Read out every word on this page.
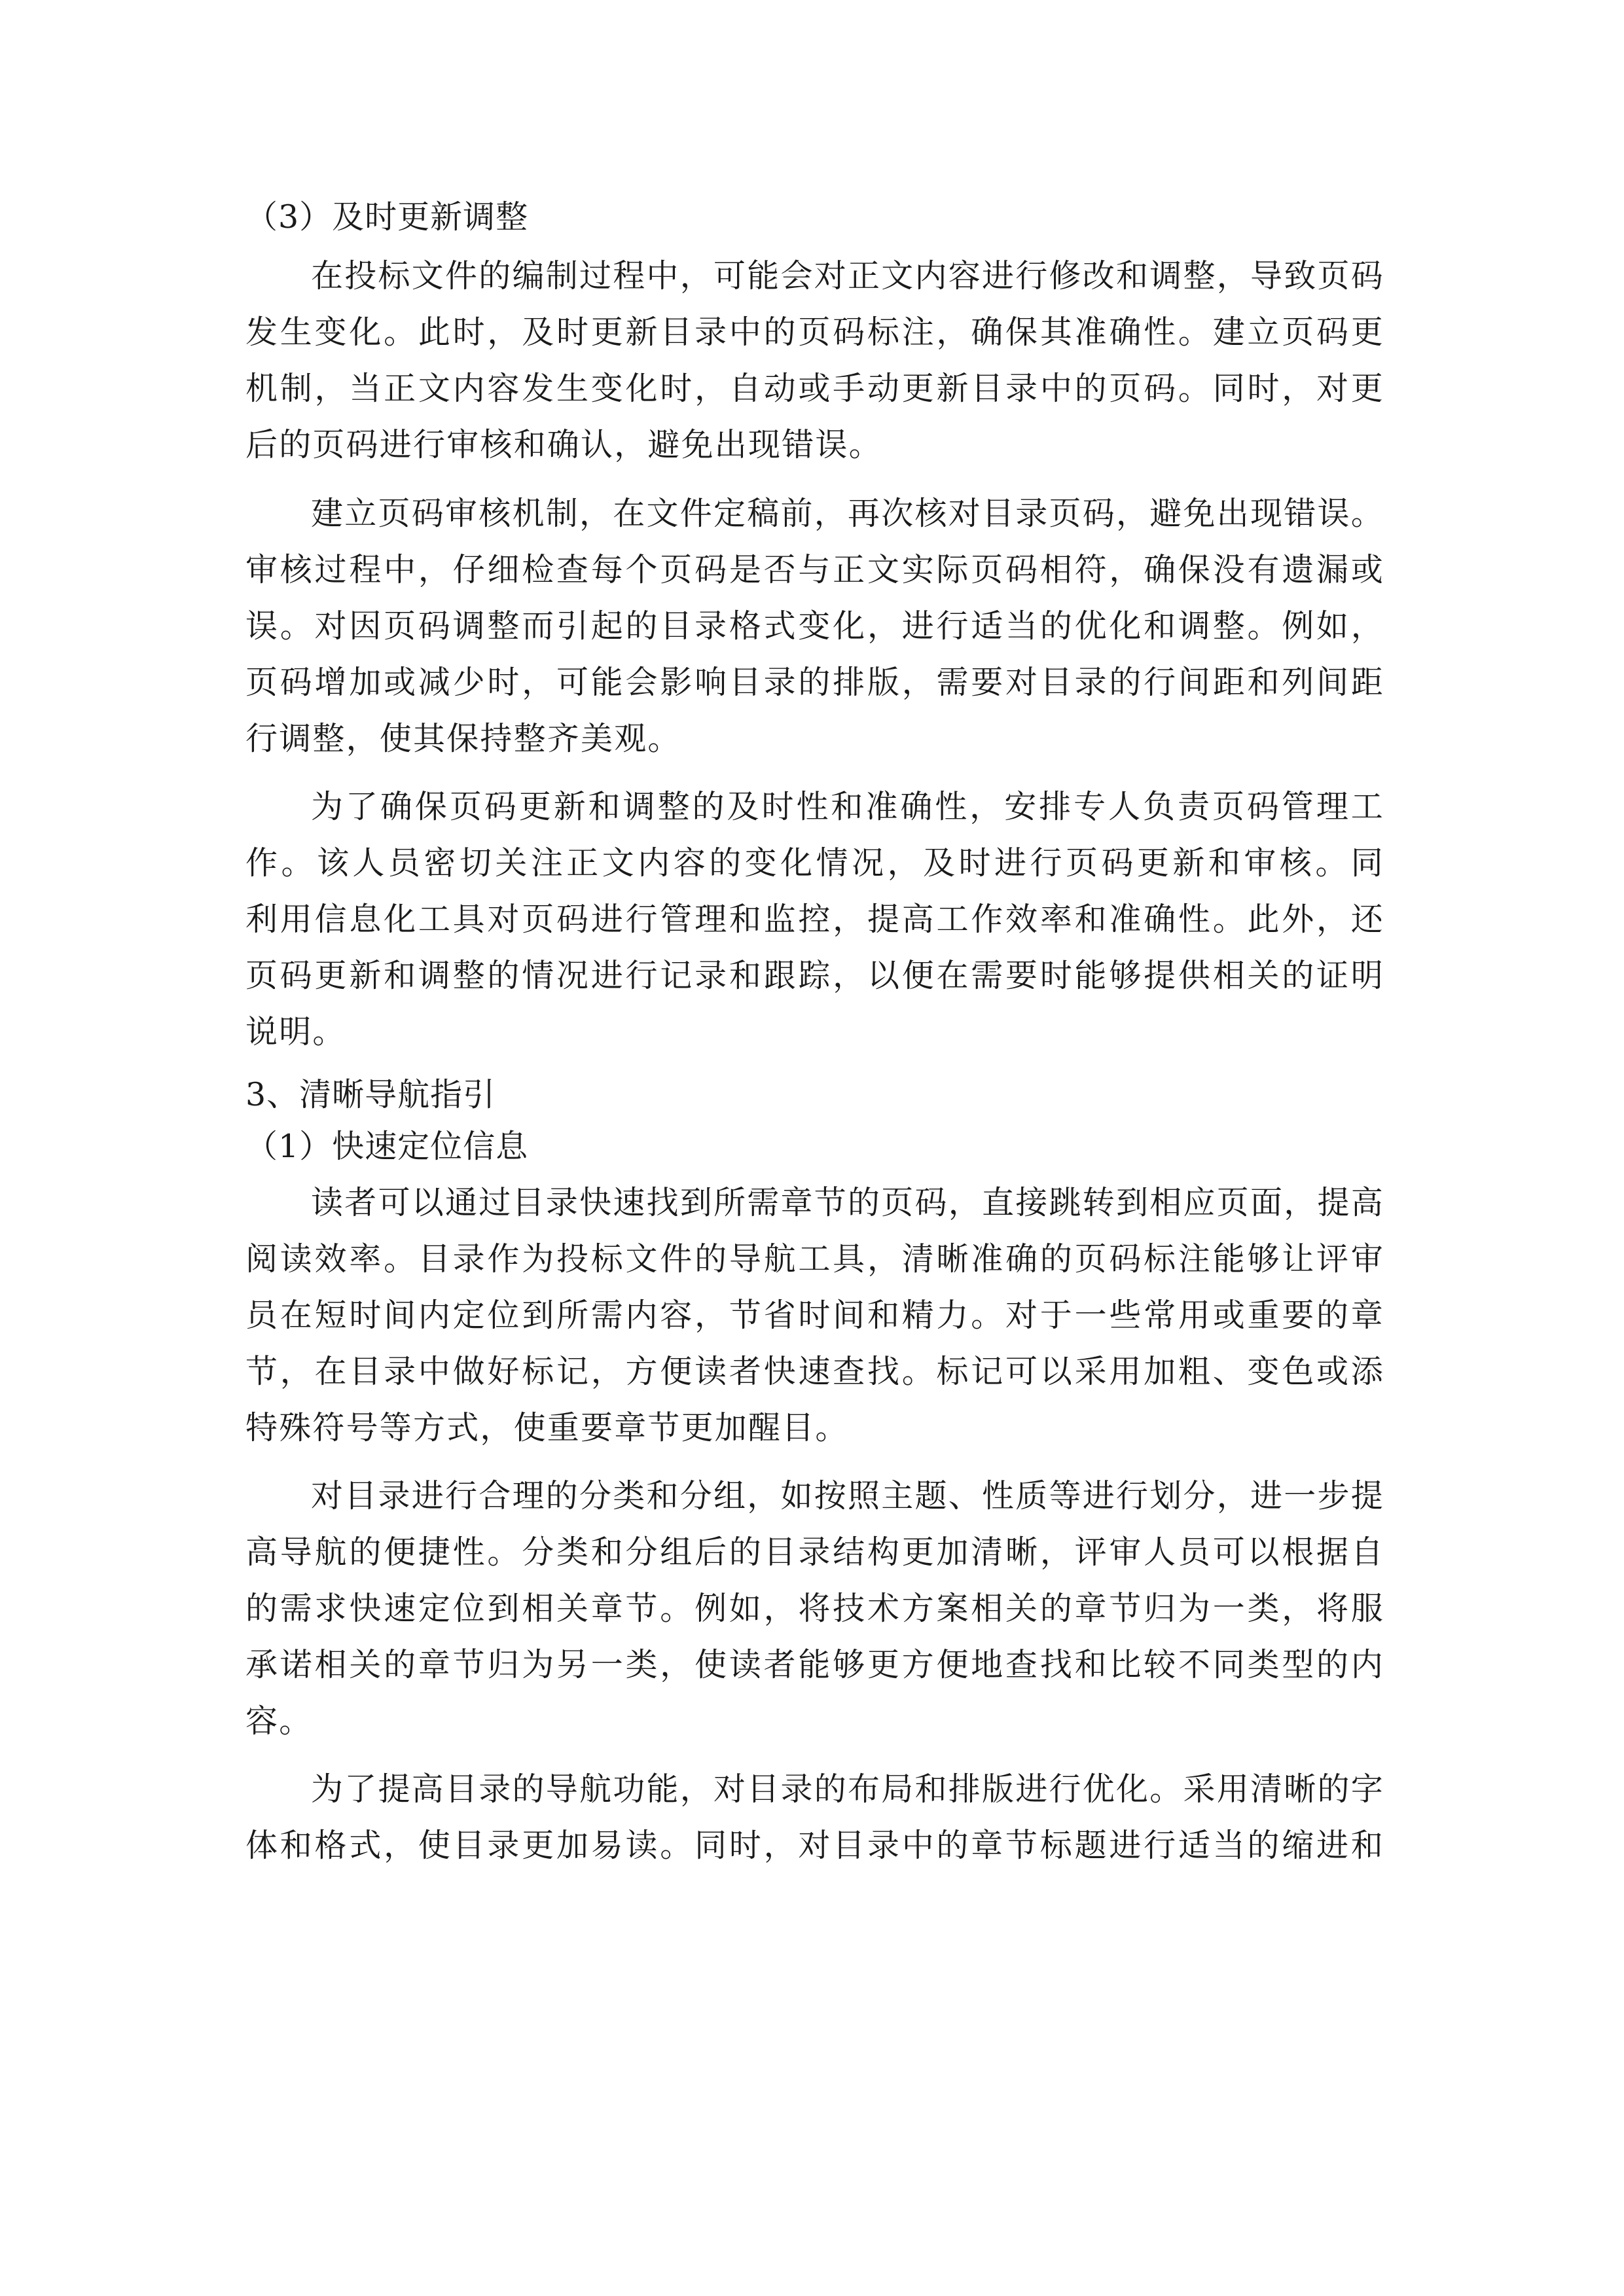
（3）及时更新调整
在投标文件的编制过程中，可能会对正文内容进行修改和调整，导致页码
发生变化。此时，及时更新目录中的页码标注，确保其准确性。建立页码更
机制，当正文内容发生变化时，自动或手动更新目录中的页码。同时，对更
后的页码进行审核和确认，避免出现错误。
建立页码审核机制，在文件定稿前，再次核对目录页码，避免出现错误。
审核过程中，仔细检查每个页码是否与正文实际页码相符，确保没有遗漏或
误。对因页码调整而引起的目录格式变化，进行适当的优化和调整。例如，
页码增加或减少时，可能会影响目录的排版，需要对目录的行间距和列间距
行调整，使其保持整齐美观。
为了确保页码更新和调整的及时性和准确性，安排专人负责页码管理工
作。该人员密切关注正文内容的变化情况，及时进行页码更新和审核。同
利用信息化工具对页码进行管理和监控，提高工作效率和准确性。此外，还
页码更新和调整的情况进行记录和跟踪，以便在需要时能够提供相关的证明
说明。
3、清晰导航指引
（1）快速定位信息
读者可以通过目录快速找到所需章节的页码，直接跳转到相应页面，提高
阅读效率。目录作为投标文件的导航工具，清晰准确的页码标注能够让评审
员在短时间内定位到所需内容，节省时间和精力。对于一些常用或重要的章
节，在目录中做好标记，方便读者快速查找。标记可以采用加粗、变色或添
特殊符号等方式，使重要章节更加醒目。
对目录进行合理的分类和分组，如按照主题、性质等进行划分，进一步提
高导航的便捷性。分类和分组后的目录结构更加清晰，评审人员可以根据自
的需求快速定位到相关章节。例如，将技术方案相关的章节归为一类，将服
承诺相关的章节归为另一类，使读者能够更方便地查找和比较不同类型的内
容。
为了提高目录的导航功能，对目录的布局和排版进行优化。采用清晰的字
体和格式，使目录更加易读。同时，对目录中的章节标题进行适当的缩进和
